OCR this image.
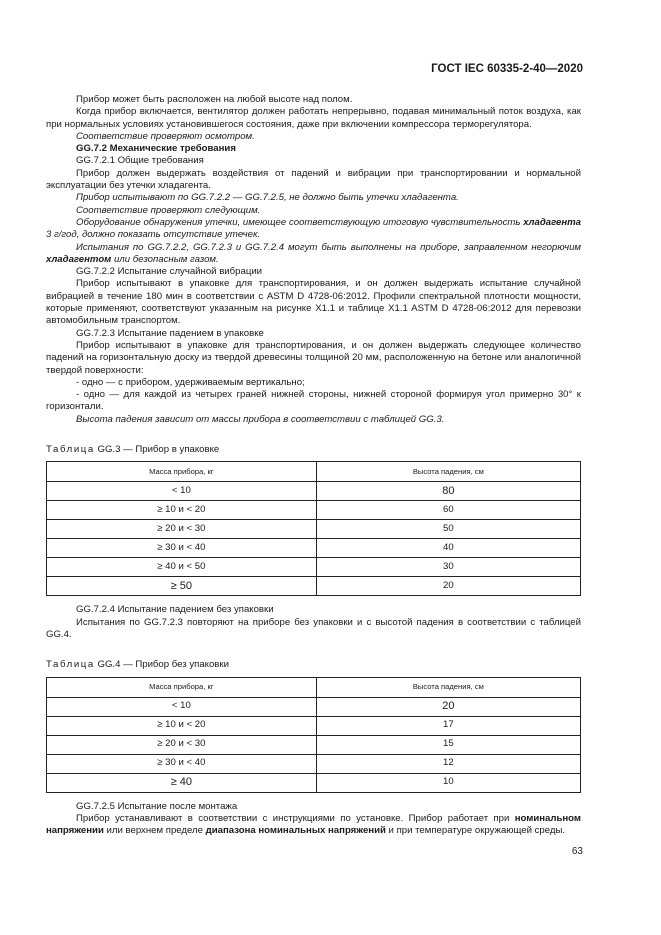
ГОСТ IEC 60335-2-40—2020

Прибор может быть расположен на любой высоте над полом.

Когда прибор включается, вентилятор должен работать непрерывно, подавая минимальный поток воздуха, как при нормальных условиях установившегося состояния, даже при включении компрессора терморегулятора.

Соответствие проверяют осмотром.

GG.7.2 Механические требования

GG.7.2.1 Общие требования

Прибор должен выдержать воздействия от падений и вибрации при транспортировании и нормальной эксплуатации без утечки хладагента.

Прибор испытывают по GG.7.2.2 — GG.7.2.5, не должно быть утечки хладагента.

Соответствие проверяют следующим.

Оборудование обнаружения утечки, имеющее соответствующую итоговую чувствительность хладагента 3 г/год, должно показать отсутствие утечек.

Испытания по GG.7.2.2, GG.7.2.3 и GG.7.2.4 могут быть выполнены на приборе, заправленном негорючим хладагентом или безопасным газом.

GG.7.2.2 Испытание случайной вибрации

Прибор испытывают в упаковке для транспортирования, и он должен выдержать испытание случайной вибрацией в течение 180 мин в соответствии с ASTM D 4728-06:2012. Профили спектральной плотности мощности, которые применяют, соответствуют указанным на рисунке X1.1 и таблице X1.1 ASTM D 4728-06:2012 для перевозки автомобильным транспортом.

GG.7.2.3 Испытание падением в упаковке

Прибор испытывают в упаковке для транспортирования, и он должен выдержать следующее количество падений на горизонтальную доску из твердой древесины толщиной 20 мм, расположенную на бетоне или аналогичной твердой поверхности:

- одно — с прибором, удерживаемым вертикально;

- одно — для каждой из четырех граней нижней стороны, нижней стороной формируя угол примерно 30° к горизонтали.

Высота падения зависит от массы прибора в соответствии с таблицей GG.3.

Таблица GG.3 — Прибор в упаковке
Масса прибора, кг	Высота падения, см
< 10	80
≥ 10 и < 20	60
≥ 20 и < 30	50
≥ 30 и < 40	40
≥ 40 и < 50	30
≥ 50	20

GG.7.2.4 Испытание падением без упаковки

Испытания по GG.7.2.3 повторяют на приборе без упаковки и с высотой падения в соответствии с таблицей GG.4.

Таблица GG.4 — Прибор без упаковки
Масса прибора, кг	Высота падения, см
< 10	20
≥ 10 и < 20	17
≥ 20 и < 30	15
≥ 30 и < 40	12
≥ 40	10

GG.7.2.5 Испытание после монтажа

Прибор устанавливают в соответствии с инструкциями по установке. Прибор работает при номинальном напряжении или верхнем пределе диапазона номинальных напряжений и при температуре окружающей среды.

63
